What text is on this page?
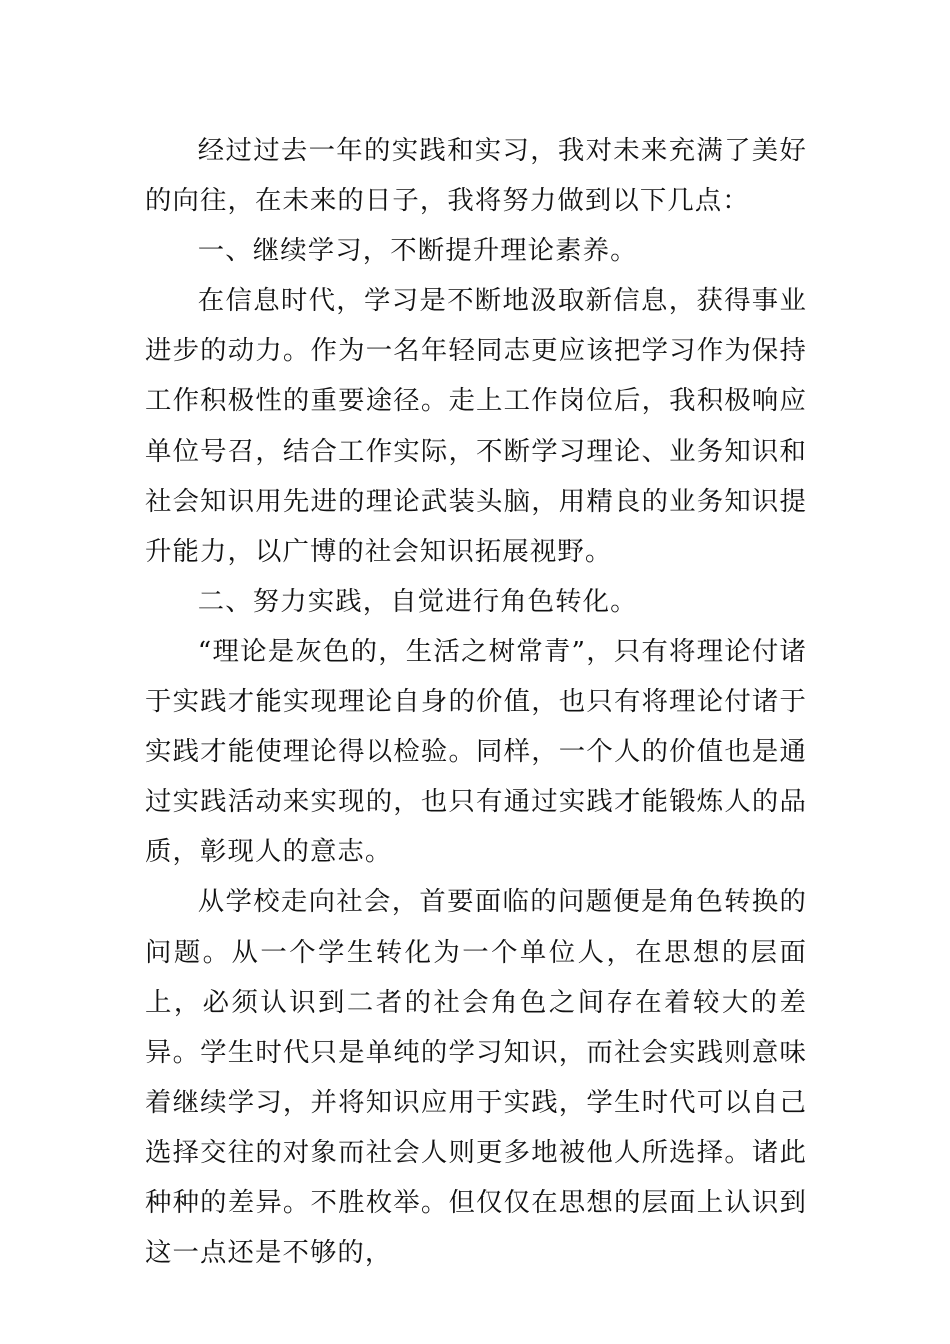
经过过去一年的实践和实习，我对未来充满了美好的向往，在未来的日子，我将努力做到以下几点：

一、继续学习，不断提升理论素养。

在信息时代，学习是不断地汲取新信息，获得事业进步的动力。作为一名年轻同志更应该把学习作为保持工作积极性的重要途径。走上工作岗位后，我积极响应单位号召，结合工作实际，不断学习理论、业务知识和社会知识用先进的理论武装头脑，用精良的业务知识提升能力，以广博的社会知识拓展视野。

二、努力实践，自觉进行角色转化。

“理论是灰色的，生活之树常青”，只有将理论付诸于实践才能实现理论自身的价值，也只有将理论付诸于实践才能使理论得以检验。同样，一个人的价值也是通过实践活动来实现的，也只有通过实践才能锻炼人的品质，彰现人的意志。

从学校走向社会，首要面临的问题便是角色转换的问题。从一个学生转化为一个单位人，在思想的层面上，必须认识到二者的社会角色之间存在着较大的差异。学生时代只是单纯的学习知识，而社会实践则意味着继续学习，并将知识应用于实践，学生时代可以自己选择交往的对象而社会人则更多地被他人所选择。诸此种种的差异。不胜枚举。但仅仅在思想的层面上认识到这一点还是不够的，
